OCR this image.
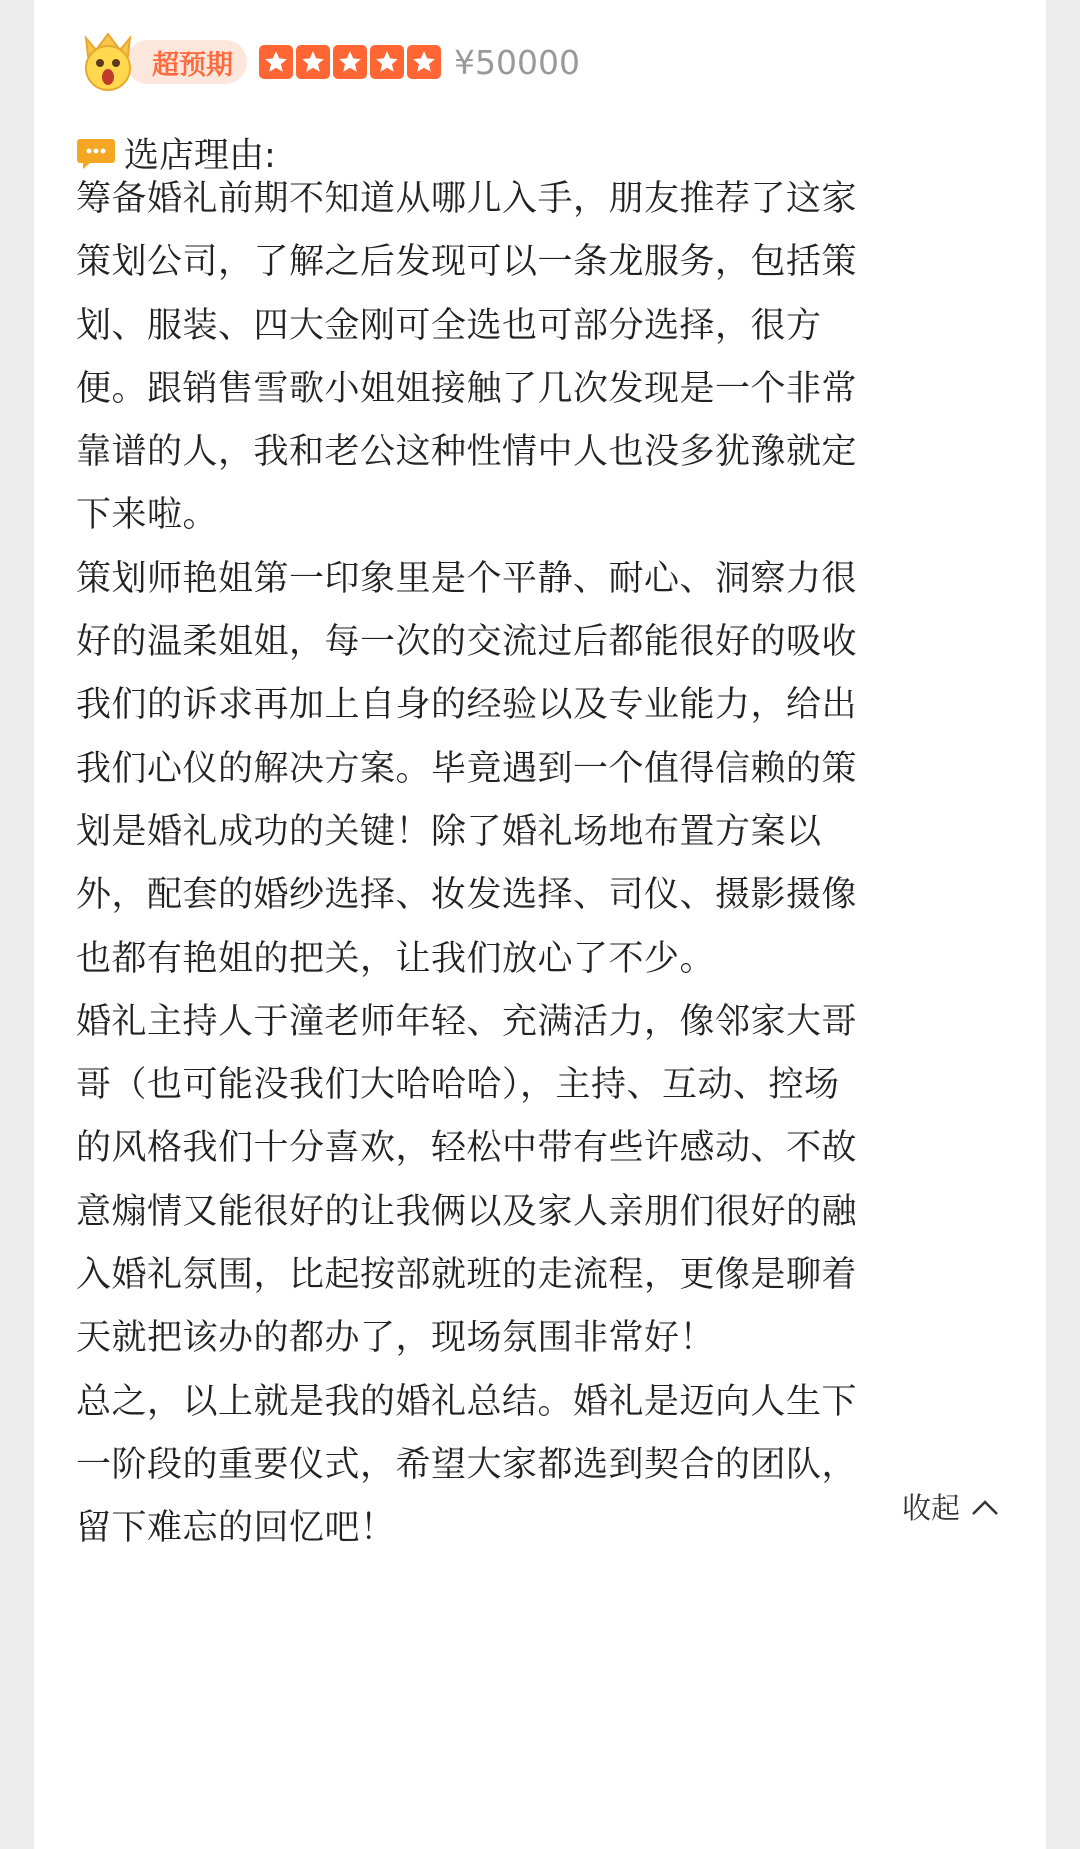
超预期	¥50000
选店理由:

筹备婚礼前期不知道从哪儿入手，朋友推荐了这家
策划公司，了解之后发现可以一条龙服务，包括策
划、服装、四大金刚可全选也可部分选择，很方
便。跟销售雪歌小姐姐接触了几次发现是一个非常
靠谱的人，我和老公这种性情中人也没多犹豫就定
下来啦。

策划师艳姐第一印象里是个平静、耐心、洞察力很
好的温柔姐姐，每一次的交流过后都能很好的吸收
我们的诉求再加上自身的经验以及专业能力，给出
我们心仪的解决方案。毕竟遇到一个值得信赖的策
划是婚礼成功的关键！除了婚礼场地布置方案以
外，配套的婚纱选择、妆发选择、司仪、摄影摄像
也都有艳姐的把关，让我们放心了不少。

婚礼主持人于潼老师年轻、充满活力，像邻家大哥
哥（也可能没我们大哈哈哈），主持、互动、控场
的风格我们十分喜欢，轻松中带有些许感动、不故
意煽情又能很好的让我俩以及家人亲朋们很好的融
入婚礼氛围，比起按部就班的走流程，更像是聊着
天就把该办的都办了，现场氛围非常好！

总之，以上就是我的婚礼总结。婚礼是迈向人生下
一阶段的重要仪式，希望大家都选到契合的团队，
留下难忘的回忆吧！

收起
